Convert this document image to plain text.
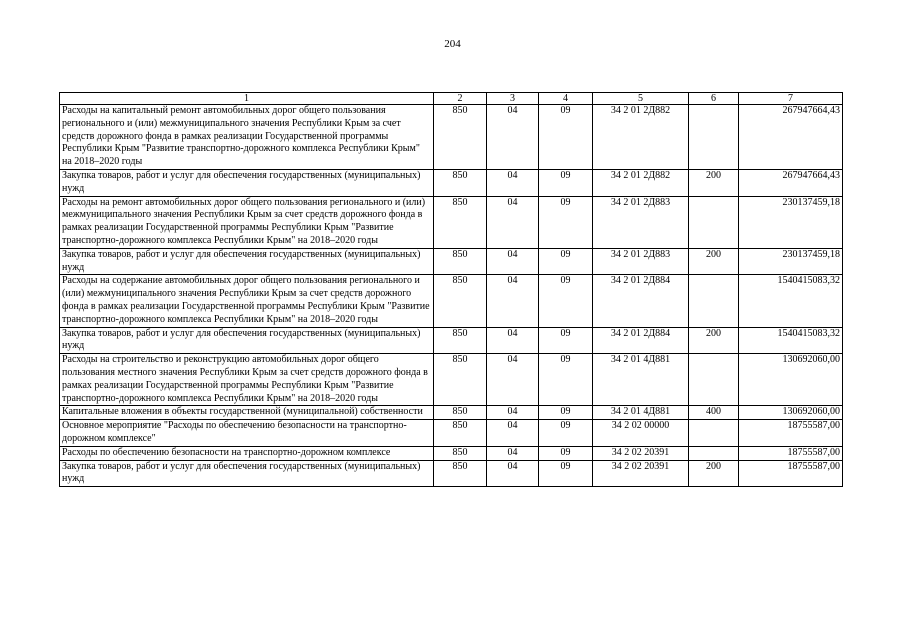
204
1	2	3	4	5	6	7
Расходы на капитальный ремонт автомобильных дорог общего пользования регионального и (или) межмуниципального значения Республики Крым за счет средств дорожного фонда в рамках реализации Государственной программы Республики Крым "Развитие транспортно-дорожного комплекса Республики Крым" на 2018–2020 годы	850	04	09	34 2 01 2Д882		267947664,43
Закупка товаров, работ и услуг для обеспечения государственных (муниципальных) нужд	850	04	09	34 2 01 2Д882	200	267947664,43
Расходы на ремонт автомобильных дорог общего пользования регионального и (или) межмуниципального значения Республики Крым за счет средств дорожного фонда в рамках реализации Государственной программы Республики Крым "Развитие транспортно-дорожного комплекса Республики Крым" на 2018–2020 годы	850	04	09	34 2 01 2Д883		230137459,18
Закупка товаров, работ и услуг для обеспечения государственных (муниципальных) нужд	850	04	09	34 2 01 2Д883	200	230137459,18
Расходы на содержание автомобильных дорог общего пользования регионального и (или) межмуниципального значения Республики Крым за счет средств дорожного фонда в рамках реализации Государственной программы Республики Крым "Развитие транспортно-дорожного комплекса Республики Крым" на 2018–2020 годы	850	04	09	34 2 01 2Д884		1540415083,32
Закупка товаров, работ и услуг для обеспечения государственных (муниципальных) нужд	850	04	09	34 2 01 2Д884	200	1540415083,32
Расходы на строительство и реконструкцию автомобильных дорог общего пользования местного значения Республики Крым за счет средств дорожного фонда в рамках реализации Государственной программы Республики Крым "Развитие транспортно-дорожного комплекса Республики Крым" на 2018–2020 годы	850	04	09	34 2 01 4Д881		130692060,00
Капитальные вложения в объекты государственной (муниципальной) собственности	850	04	09	34 2 01 4Д881	400	130692060,00
Основное мероприятие "Расходы по обеспечению безопасности на транспортно-дорожном комплексе"	850	04	09	34 2 02 00000		18755587,00
Расходы по обеспечению безопасности на транспортно-дорожном комплексе	850	04	09	34 2 02 20391		18755587,00
Закупка товаров, работ и услуг для обеспечения государственных (муниципальных) нужд	850	04	09	34 2 02 20391	200	18755587,00
